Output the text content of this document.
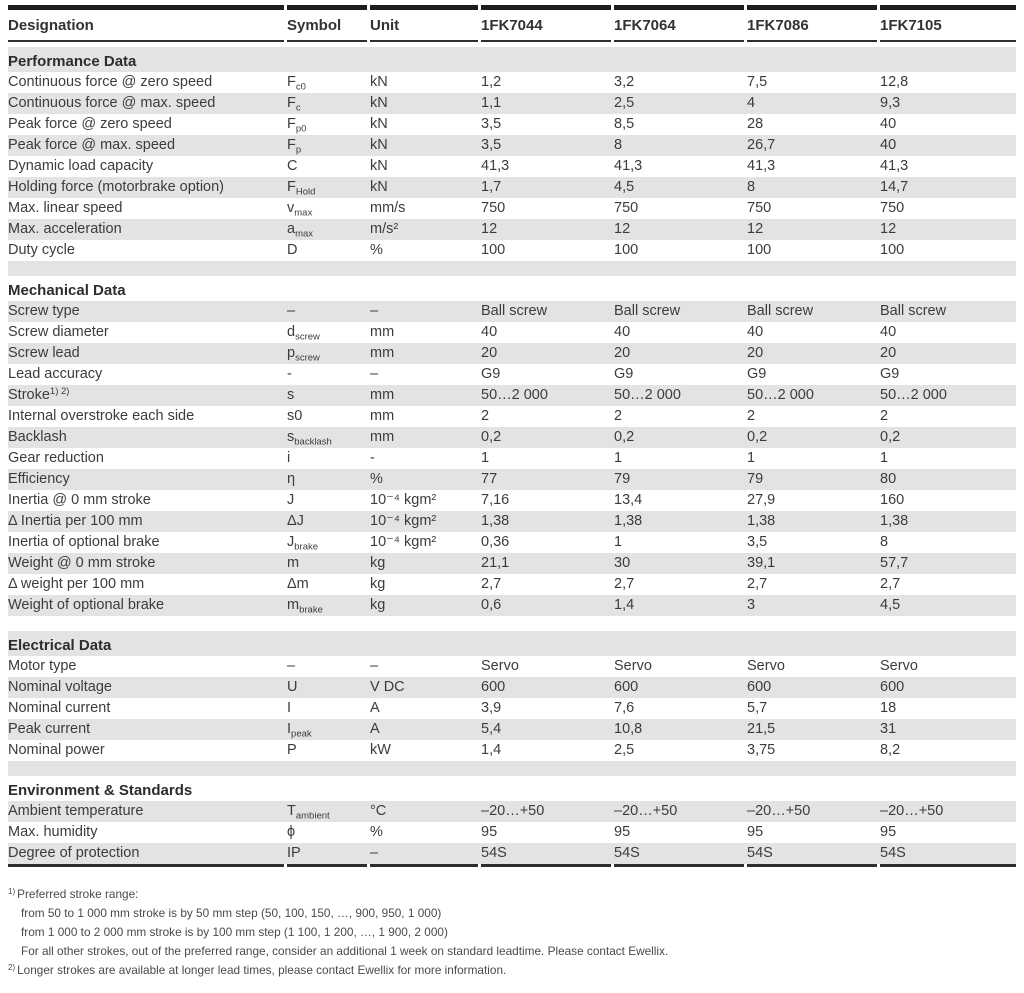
Designation	Symbol	Unit	1FK7044	1FK7064	1FK7086	1FK7105
Performance Data
Continuous force @ zero speed	$F_{c0}$	kN	1,2	3,2	7,5	12,8
Continuous force @ max. speed	$F_c$	kN	1,1	2,5	4	9,3
Peak force @ zero speed	$F_{p0}$	kN	3,5	8,5	28	40
Peak force @ max. speed	$F_p$	kN	3,5	8	26,7	40
Dynamic load capacity	C	kN	41,3	41,3	41,3	41,3
Holding force (motorbrake option)	$F_{Hold}$	kN	1,7	4,5	8	14,7
Max. linear speed	$v_{max}$	mm/s	750	750	750	750
Max. acceleration	$a_{max}$	m/s²	12	12	12	12
Duty cycle	D	%	100	100	100	100
Mechanical Data
Screw type	–	–	Ball screw	Ball screw	Ball screw	Ball screw
Screw diameter	$d_{screw}$	mm	40	40	40	40
Screw lead	$p_{screw}$	mm	20	20	20	20
Lead accuracy	-	–	G9	G9	G9	G9
Stroke$^{1) 2)}$	s	mm	50…2 000	50…2 000	50…2 000	50…2 000
Internal overstroke each side	s0	mm	2	2	2	2
Backlash	$s_{backlash}$	mm	0,2	0,2	0,2	0,2
Gear reduction	i	-	1	1	1	1
Efficiency	η	%	77	79	79	80
Inertia @ 0 mm stroke	J	10⁻⁴ kgm²	7,16	13,4	27,9	160
Δ Inertia per 100 mm	ΔJ	10⁻⁴ kgm²	1,38	1,38	1,38	1,38
Inertia of optional brake	$J_{brake}$	10⁻⁴ kgm²	0,36	1	3,5	8
Weight @ 0 mm stroke	m	kg	21,1	30	39,1	57,7
Δ weight per 100 mm	Δm	kg	2,7	2,7	2,7	2,7
Weight of optional brake	$m_{brake}$	kg	0,6	1,4	3	4,5
Electrical Data
Motor type	–	–	Servo	Servo	Servo	Servo
Nominal voltage	U	V DC	600	600	600	600
Nominal current	I	A	3,9	7,6	5,7	18
Peak current	$I_{peak}$	A	5,4	10,8	21,5	31
Nominal power	P	kW	1,4	2,5	3,75	8,2
Environment & Standards
Ambient temperature	$T_{ambient}$	°C	–20…+50	–20…+50	–20…+50	–20…+50
Max. humidity	ϕ	%	95	95	95	95
Degree of protection	IP	–	54S	54S	54S	54S
$^{1)}$ Preferred stroke range:
from 50 to 1 000 mm stroke is by 50 mm step (50, 100, 150, …, 900, 950, 1 000)
from 1 000 to 2 000 mm stroke is by 100 mm step (1 100, 1 200, …, 1 900, 2 000)
For all other strokes, out of the preferred range, consider an additional 1 week on standard leadtime. Please contact Ewellix.
$^{2)}$ Longer strokes are available at longer lead times, please contact Ewellix for more information.
